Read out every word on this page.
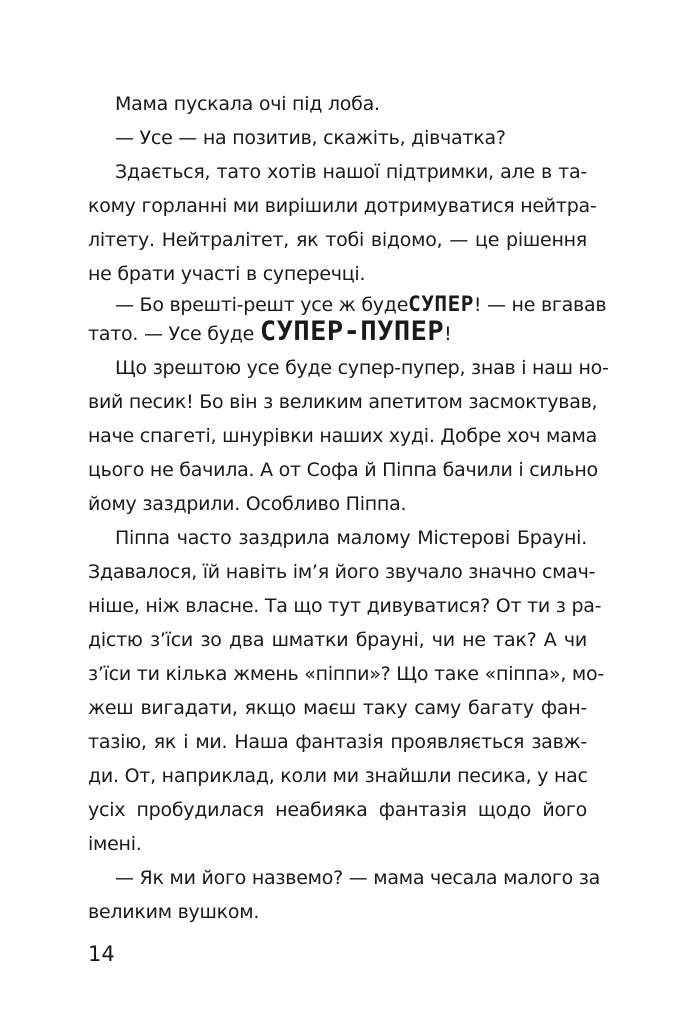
Мама пускала очі під лоба.
— Усе — на позитив, скажіть, дівчатка?
Здається, тато хотів нашої підтримки, але в та-
кому горланні ми вирішили дотримуватися нейтра-
літету. Нейтралітет, як тобі відомо, — це рішення
не брати участі в суперечці.
— Бо врешті-решт усе ж буде СУПЕР ! — не вгавав
тато. — Усе буде СУПЕР-ПУПЕР !
Що зрештою усе буде супер-пупер, знав і наш но-
вий песик! Бо він з великим апетитом засмоктував,
наче спагеті, шнурівки наших худі. Добре хоч мама
цього не бачила. А от Софа й Піппа бачили і сильно
йому заздрили. Особливо Піппа.
Піппа часто заздрила малому Містерові Брауні.
Здавалося, їй навіть ім’я його звучало значно смач-
ніше, ніж власне. Та що тут дивуватися? От ти з ра-
дістю з’їси зо два шматки брауні, чи не так? А чи
з’їси ти кілька жмень «піппи»? Що таке «піппа», мо-
жеш вигадати, якщо маєш таку саму багату фан-
тазію, як і ми. Наша фантазія проявляється завж-
ди. От, наприклад, коли ми знайшли песика, у нас
усіх пробудилася неабияка фантазія щодо його
імені.
— Як ми його назвемо? — мама чесала малого за
великим вушком.
14
